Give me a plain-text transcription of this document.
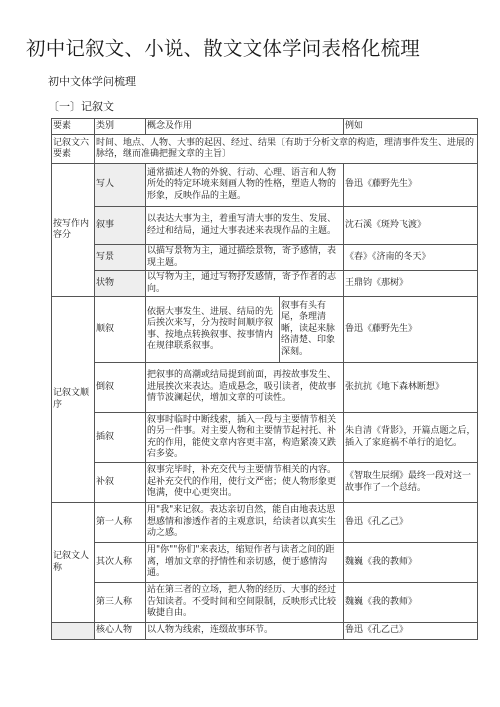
初中记叙文、小说、散文文体学问表格化梳理
初中文体学问梳理
〔一〕记叙文
要素	类别	概念及作用		例如
记叙文六要素	时间、地点、人物、大事的起因、经过、结果〔有助于分析文章的构造，理清事件发生、进展的脉络，继而准确把握文章的主旨〕			
按写作内容分	写人	通常描述人物的外貌、行动、心理、语言和人物所处的特定环境来刻画人物的性格，塑造人物的形象，反映作品的主题。		鲁迅《藤野先生》
	叙事	以表达大事为主，着重写清大事的发生、发展、经过和结局，通过大事表述来表现作品的主题。		沈石溪《斑羚飞渡》
	写景	以描写景物为主，通过描绘景物，寄予感情，表现主题。		《春》《济南的冬天》
	状物	以写物为主，通过写物抒发感情，寄予作者的志向。		王鼎钧《那树》
记叙文顺序	顺叙	依据大事发生、进展、结局的先后挨次来写，分为按时间顺序叙事、按地点转换叙事、按事情内在规律联系叙事。	叙事有头有尾，条理清晰，读起来脉络清楚、印象深刻。	鲁迅《藤野先生》
	倒叙	把叙事的高潮或结局提到前面，再按故事发生、进展挨次来表达。造成悬念，吸引读者，使故事情节波澜起伏，增加文章的可读性。		张抗抗《地下森林断想》
	插叙	叙事时临时中断线索，插入一段与主要情节相关的另一件事。对主要人物和主要情节起衬托、补充的作用，能使文章内容更丰富，构造紧凑又跌宕多姿。		朱自清《背影》，开篇点题之后，插入了家庭祸不单行的追忆。
	补叙	叙事完毕时，补充交代与主要情节相关的内容。起补充交代的作用，使行文严密；使人物形象更饱满，使中心更突出。		《智取生辰纲》最终一段对这一故事作了一个总结。
记叙文人称	第一人称	用"我"来记叙。表达亲切自然，能自由地表达思想感情和渗透作者的主观意识，给读者以真实生动之感。		鲁迅《孔乙己》
	其次人称	用"你""你们"来表达，缩短作者与读者之间的距离，增加文章的抒情性和亲切感，便于感情沟通。		魏巍《我的教师》
	第三人称	站在第三者的立场，把人物的经历、大事的经过告知读者。不受时间和空间限制，反映形式比较敏捷自由。		魏巍《我的教师》
	核心人物	以人物为线索，连缀故事环节。		鲁迅《孔乙己》
